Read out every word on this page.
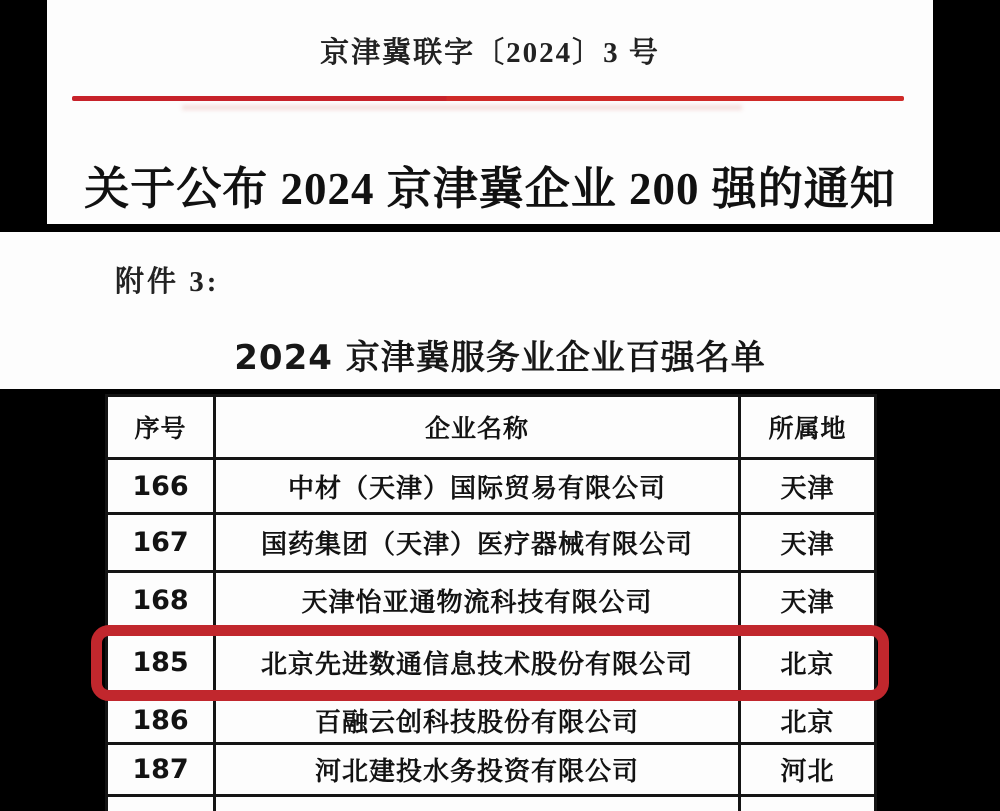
京津冀联字〔2024〕3 号
关于公布 2024 京津冀企业 200 强的通知
附件 3:
2024 京津冀服务业企业百强名单
序号	企业名称	所属地
166	中材（天津）国际贸易有限公司	天津
167	国药集团（天津）医疗器械有限公司	天津
168	天津怡亚通物流科技有限公司	天津
185	北京先进数通信息技术股份有限公司	北京
186	百融云创科技股份有限公司	北京
187	河北建投水务投资有限公司	河北
